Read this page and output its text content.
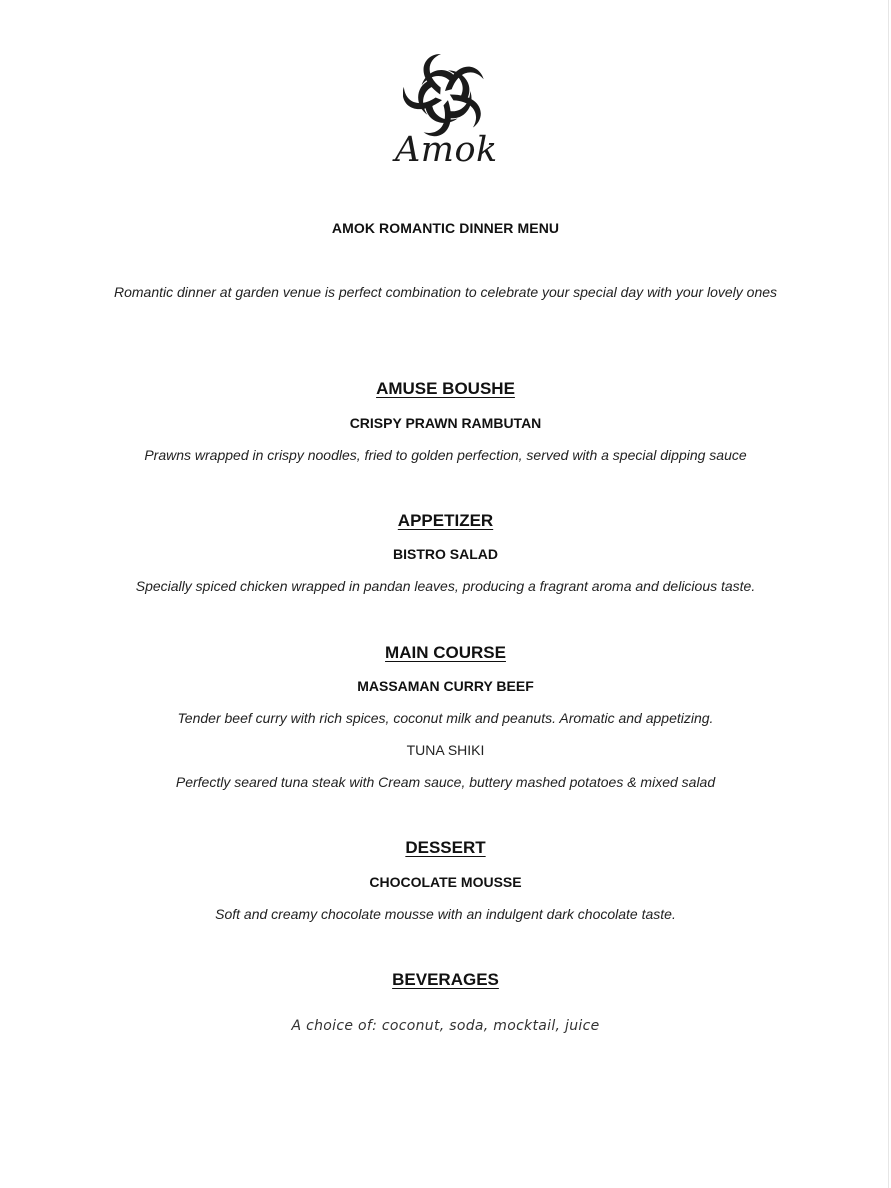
Amok
AMOK ROMANTIC DINNER MENU
Romantic dinner at garden venue is perfect combination to celebrate your special day with your lovely ones
AMUSE BOUSHE
CRISPY PRAWN RAMBUTAN
Prawns wrapped in crispy noodles, fried to golden perfection, served with a special dipping sauce
APPETIZER
BISTRO SALAD
Specially spiced chicken wrapped in pandan leaves, producing a fragrant aroma and delicious taste.
MAIN COURSE
MASSAMAN CURRY BEEF
Tender beef curry with rich spices, coconut milk and peanuts. Aromatic and appetizing.
TUNA SHIKI
Perfectly seared tuna steak with Cream sauce, buttery mashed potatoes & mixed salad
DESSERT
CHOCOLATE MOUSSE
Soft and creamy chocolate mousse with an indulgent dark chocolate taste.
BEVERAGES
A choice of: coconut, soda, mocktail, juice
